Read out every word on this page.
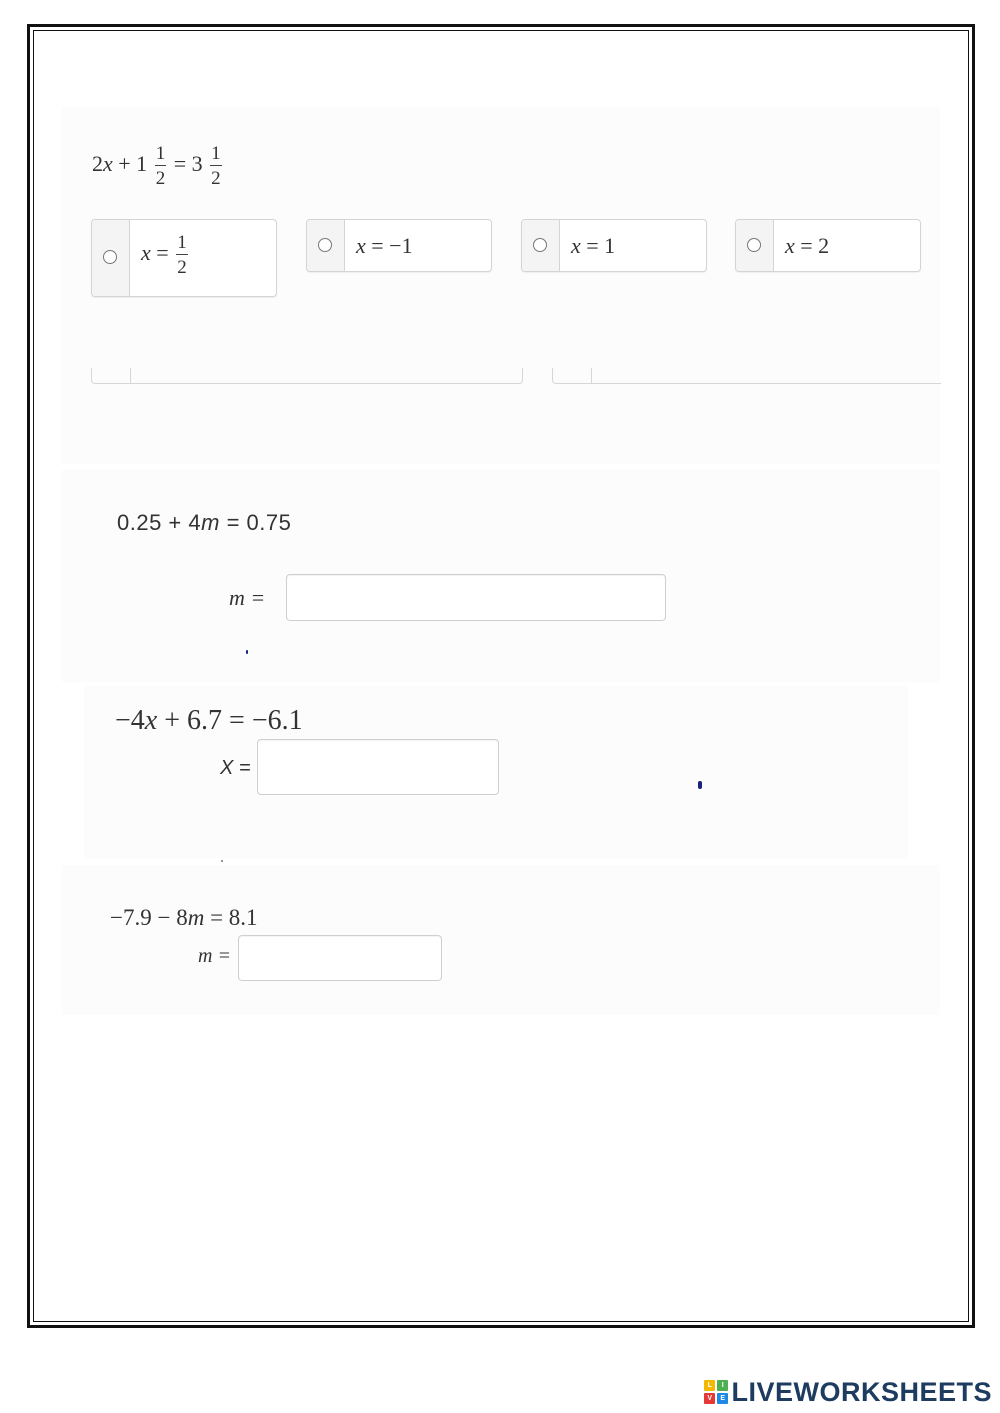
$2x + 1 \frac{1}{2} = 3 \frac{1}{2}$
$x = \frac{1}{2}$	x = −1	x = 1	x = 2
0.25 + 4m = 0.75
m =
−4x + 6.7 = −6.1
X =
−7.9 − 8m = 8.1
m =
L	I
V	E LIVEWORKSHEETS
